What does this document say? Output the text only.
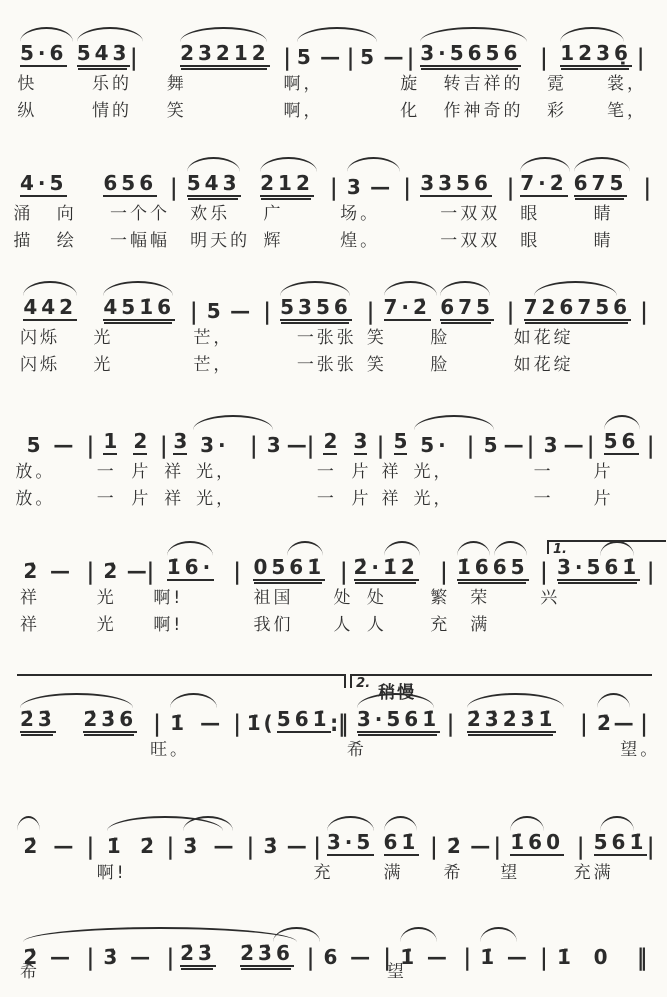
5·6 543 | 23212 | 5 — | 5 — | 3·5656 | 1236̣ |
快	乐的 舞	啊，	旋 转吉祥的 霓 裳，
纵	情的 笑	啊，	化 作神奇的 彩 笔，
4·5 656 | 543 212 | 3 — | 3356 | 7·2̇ 675 |
涌 向 一个个 欢乐 广	场。	一双双 眼	睛
描 绘 一幅幅 明天的 辉	煌。	一双双 眼	睛
442 451̇6 | 5 — | 5356 | 7·2̇ 675 | 726756 |
闪烁 光	芒，	一张张 笑	脸	如花绽
闪烁 光	芒，	一张张 笑	脸	如花绽
5 — | 1 2 | 3 3· | 3 — | 2 3 | 5 5· | 5 — | 3 — | 56 |
放。 一 片 祥 光，	一 片 祥 光，	一 片
放。 一 片 祥 光，	一 片 祥 光，	一 片
1.
2̇ — | 2̇ — | 1̇6· | 0561̇ | 2̇·1̇2̇ | 1̇665 | 3·561̇ |
祥	光 啊!	祖国 处 处	繁 荣	兴
祥	光 啊!	我们 人 人	充 满
2. 稍慢
2̇3̇ 2̇3̇6 | 1̇ — | 1̇
( 561̇ :‖ 3·561̇ | 2̇3̇2̇3̇1̇ | 2̇
— |
旺。	希	望。
2̇ — | 1̇ 2̇ | 3̇ — | 3̇ — | 3·5 61̇ | 2̇ — | 1̇60 | 561̇ |
啊!	充	满 希 望	充满
2̇ — | 3̇ — | 2̇3̇ 2̇3̇6 | 6 — | 1̇ — | 1̇ — | 1̇ 0 ‖
希	望
